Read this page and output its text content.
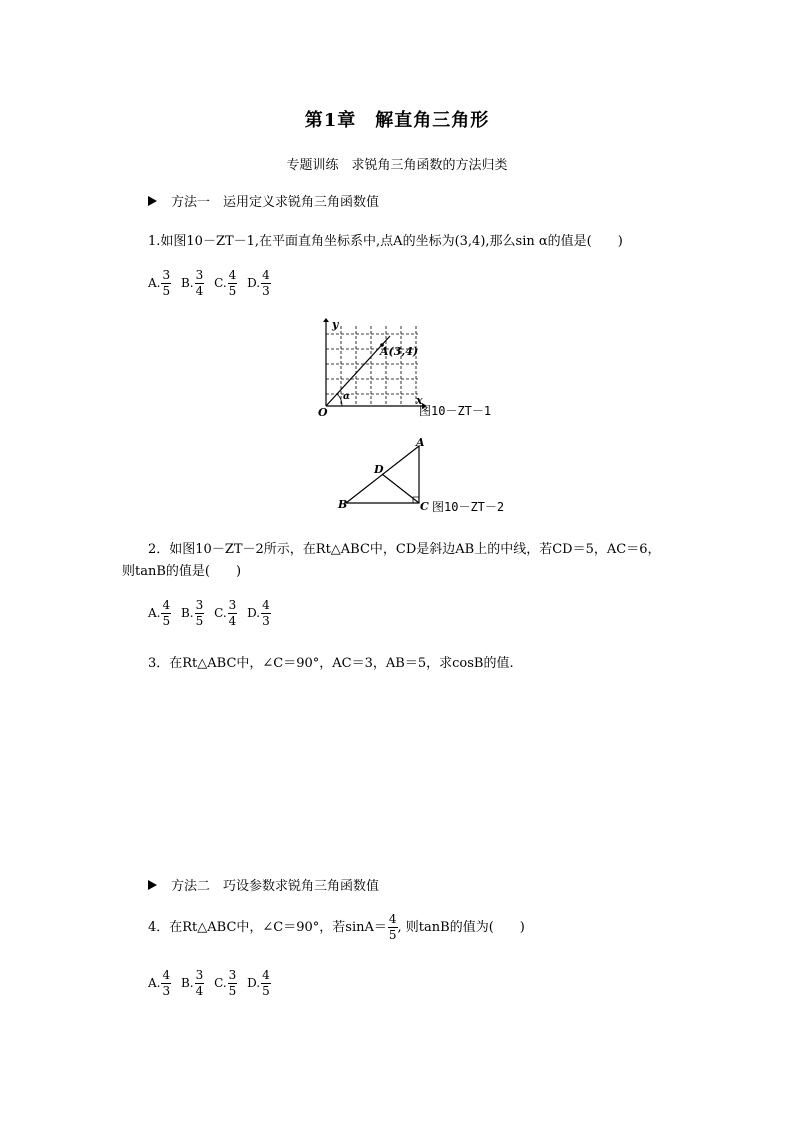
第1章　解直角三角形
专题训练　求锐角三角函数的方法归类
方法一　运用定义求锐角三角函数值
1.如图10－ZT－1,在平面直角坐标系中,点A的坐标为(3,4),那么sin α的值是(　　)
A. $\frac{3}{5} B$. $\frac{3}{4} C$. $\frac{4}{5} D$. $\frac{4}{3}$
y
O
x
A(3,4)
α
图10－ZT－1
A
B	C
D
图10－ZT－2
2．如图10－ZT－2所示，在Rt△ABC中，CD是斜边AB上的中线，若CD＝5，AC＝6，
则tanB的值是(　　)
A. $\frac{4}{5} B$. $\frac{3}{5} C$. $\frac{3}{4} D$. $\frac{4}{3}$
3．在Rt△ABC中，∠C＝90°，AC＝3，AB＝5，求cosB的值.
方法二　巧设参数求锐角三角函数值
4．在Rt△ABC中，∠C＝90°，若$\sin A= \frac{4}{5}$ , 则tanB的值为(　　)
A. $\frac{4}{3} B$. $\frac{3}{4} C$. $\frac{3}{5} D$. $\frac{4}{5}$
